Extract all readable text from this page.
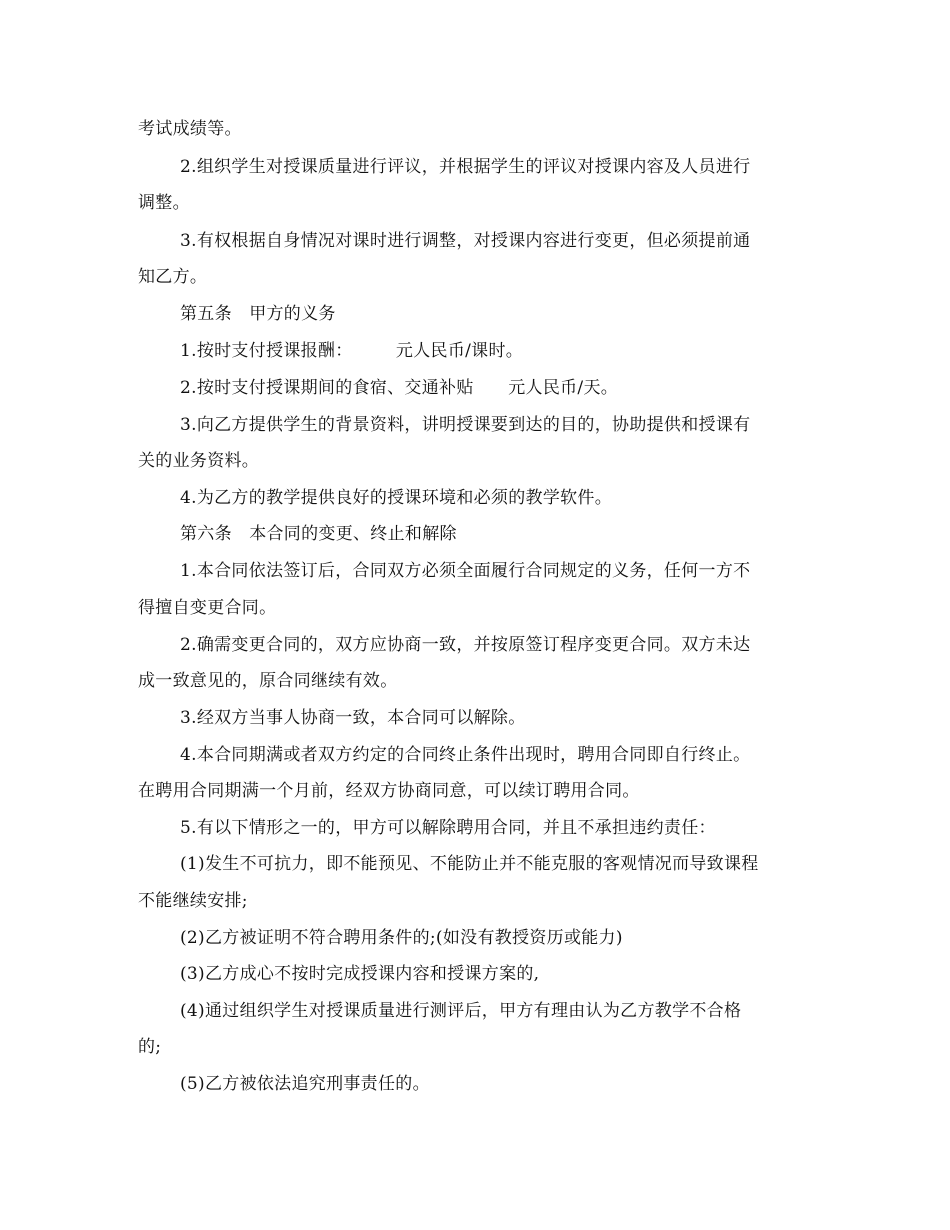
考试成绩等。
2.组织学生对授课质量进行评议，并根据学生的评议对授课内容及人员进行
调整。
3.有权根据自身情况对课时进行调整，对授课内容进行变更，但必须提前通
知乙方。
第五条　甲方的义务
1.按时支付授课报酬：　　　元人民币/课时。
2.按时支付授课期间的食宿、交通补贴　　元人民币/天。
3.向乙方提供学生的背景资料，讲明授课要到达的目的，协助提供和授课有
关的业务资料。
4.为乙方的教学提供良好的授课环境和必须的教学软件。
第六条　本合同的变更、终止和解除
1.本合同依法签订后，合同双方必须全面履行合同规定的义务，任何一方不
得擅自变更合同。
2.确需变更合同的，双方应协商一致，并按原签订程序变更合同。双方未达
成一致意见的，原合同继续有效。
3.经双方当事人协商一致，本合同可以解除。
4.本合同期满或者双方约定的合同终止条件出现时，聘用合同即自行终止。
在聘用合同期满一个月前，经双方协商同意，可以续订聘用合同。
5.有以下情形之一的，甲方可以解除聘用合同，并且不承担违约责任：
(1)发生不可抗力，即不能预见、不能防止并不能克服的客观情况而导致课程
不能继续安排;
(2)乙方被证明不符合聘用条件的;(如没有教授资历或能力)
(3)乙方成心不按时完成授课内容和授课方案的,
(4)通过组织学生对授课质量进行测评后，甲方有理由认为乙方教学不合格
的;
(5)乙方被依法追究刑事责任的。
